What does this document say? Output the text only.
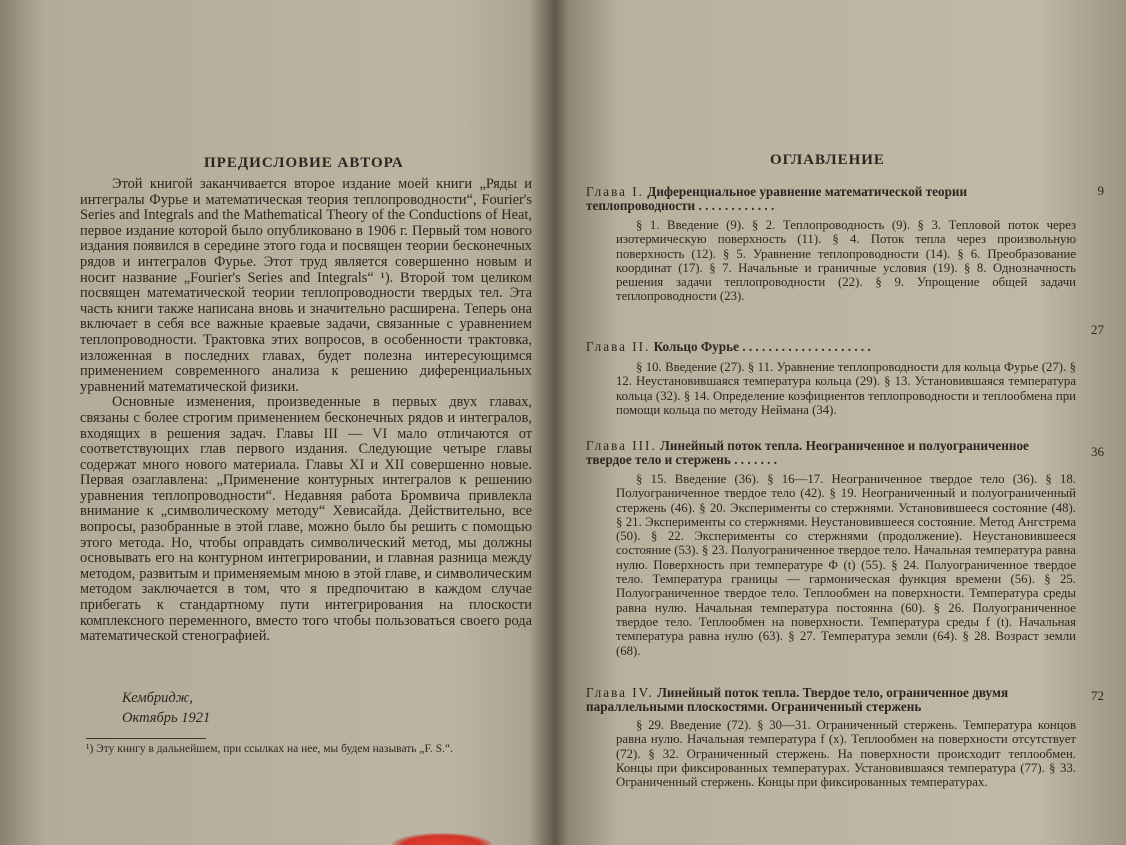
ПРЕДИСЛОВИЕ АВТОРА

Этой книгой заканчивается второе издание моей книги „Ряды и интегралы Фурье и математическая теория теплопроводности“, Fourier's Series and Integrals and the Mathematical Theory of the Conductions of Heat, первое издание которой было опубликовано в 1906 г. Первый том нового издания появился в середине этого года и посвящен теории бесконечных рядов и интегралов Фурье. Этот труд является совершенно новым и носит название „Fourier's Series and Integrals“ ¹). Второй том целиком посвящен математической теории теплопроводности твердых тел. Эта часть книги также написана вновь и значительно расширена. Теперь она включает в себя все важные краевые задачи, связанные с уравнением теплопроводности. Трактовка этих вопросов, в особенности трактовка, изложенная в последних главах, будет полезна интересующимся применением современного анализа к решению диференциальных уравнений математической физики.

Основные изменения, произведенные в первых двух главах, связаны с более строгим применением бесконечных рядов и интегралов, входящих в решения задач. Главы III — VI мало отличаются от соответствующих глав первого издания. Следующие четыре главы содержат много нового материала. Главы XI и XII совершенно новые. Первая озаглавлена: „Применение контурных интегралов к решению уравнения теплопроводности“. Недавняя работа Бромвича привлекла внимание к „символическому методу“ Хевисайда. Действительно, все вопросы, разобранные в этой главе, можно было бы решить с помощью этого метода. Но, чтобы оправдать символический метод, мы должны основывать его на контурном интегрировании, и главная разница между методом, развитым и применяемым мною в этой главе, и символическим методом заключается в том, что я предпочитаю в каждом случае прибегать к стандартному пути интегрирования на плоскости комплексного переменного, вместо того чтобы пользоваться своего рода математической стенографией.

Кембридж,
Октябрь 1921
¹) Эту книгу в дальнейшем, при ссылках на нее, мы будем называть „F. S.“.
ОГЛАВЛЕНИЕ
Глава I. Диференциальное уравнение математической теории теплопроводности . . . . . . . . . . . .
9

§ 1. Введение (9). § 2. Теплопроводность (9). § 3. Тепловой поток через изотермическую поверхность (11). § 4. Поток тепла через произвольную поверхность (12). § 5. Уравнение теплопроводности (14). § 6. Преобразование координат (17). § 7. Начальные и граничные условия (19). § 8. Однозначность решения задачи теплопроводности (22). § 9. Упрощение общей задачи теплопроводности (23).

Глава II. Кольцо Фурье . . . . . . . . . . . . . . . . . . . .
27

§ 10. Введение (27). § 11. Уравнение теплопроводности для кольца Фурье (27). § 12. Неустановившаяся температура кольца (29). § 13. Установившаяся температура кольца (32). § 14. Определение коэфициентов теплопроводности и теплообмена при помощи кольца по методу Неймана (34).

Глава III. Линейный поток тепла. Неограниченное и полуограниченное твердое тело и стержень . . . . . . .
36

§ 15. Введение (36). § 16—17. Неограниченное твердое тело (36). § 18. Полуограниченное твердое тело (42). § 19. Неограниченный и полуограниченный стержень (46). § 20. Эксперименты со стержнями. Установившееся состояние (48). § 21. Эксперименты со стержнями. Неустановившееся состояние. Метод Ангстрема (50). § 22. Эксперименты со стержнями (продолжение). Неустановившееся состояние (53). § 23. Полуограниченное твердое тело. Начальная температура равна нулю. Поверхность при температуре Φ (t) (55). § 24. Полуограниченное твердое тело. Температура границы — гармоническая функция времени (56). § 25. Полуограниченное твердое тело. Теплообмен на поверхности. Температура среды равна нулю. Начальная температура постоянна (60). § 26. Полуограниченное твердое тело. Теплообмен на поверхности. Температура среды f (t). Начальная температура равна нулю (63). § 27. Температура земли (64). § 28. Возраст земли (68).

Глава IV. Линейный поток тепла. Твердое тело, ограниченное двумя параллельными плоскостями. Ограниченный стержень
72

§ 29. Введение (72). § 30—31. Ограниченный стержень. Температура концов равна нулю. Начальная температура f (x). Теплообмен на поверхности отсутствует (72). § 32. Ограниченный стержень. На поверхности происходит теплообмен. Концы при фиксированных температурах. Установившаяся температура (77). § 33. Ограниченный стержень. Концы при фиксированных температурах.
